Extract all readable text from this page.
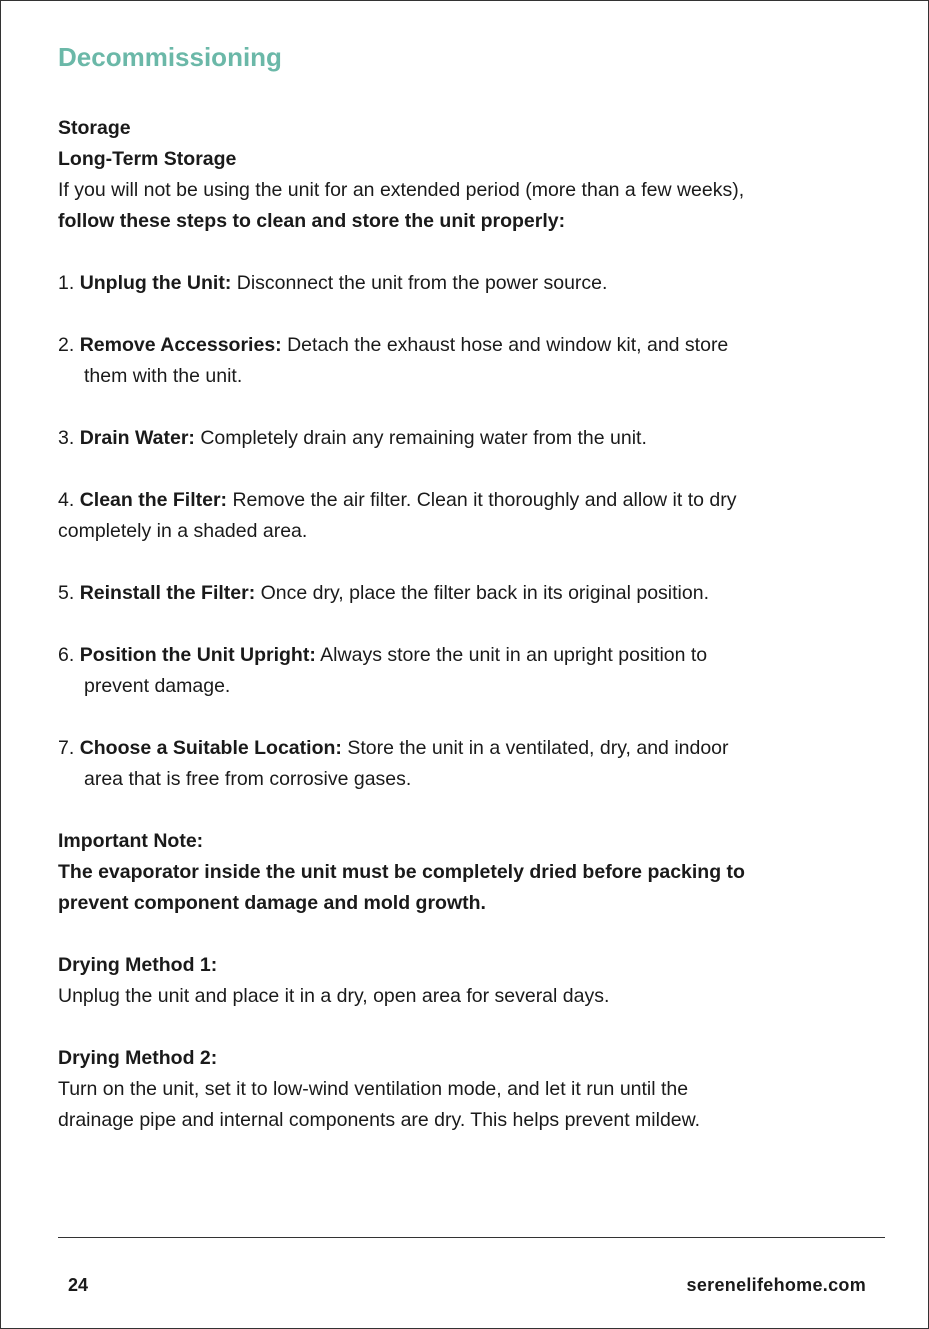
Decommissioning
Storage
Long-Term Storage
If you will not be using the unit for an extended period (more than a few weeks),
follow these steps to clean and store the unit properly:
1. Unplug the Unit: Disconnect the unit from the power source.
2. Remove Accessories: Detach the exhaust hose and window kit, and store
them with the unit.
3. Drain Water: Completely drain any remaining water from the unit.
4. Clean the Filter: Remove the air filter. Clean it thoroughly and allow it to dry
completely in a shaded area.
5. Reinstall the Filter: Once dry, place the filter back in its original position.
6. Position the Unit Upright: Always store the unit in an upright position to
prevent damage.
7. Choose a Suitable Location: Store the unit in a ventilated, dry, and indoor
area that is free from corrosive gases.
Important Note:
The evaporator inside the unit must be completely dried before packing to
prevent component damage and mold growth.
Drying Method 1:
Unplug the unit and place it in a dry, open area for several days.
Drying Method 2:
Turn on the unit, set it to low-wind ventilation mode, and let it run until the
drainage pipe and internal components are dry. This helps prevent mildew.
24	serenelifehome.com
